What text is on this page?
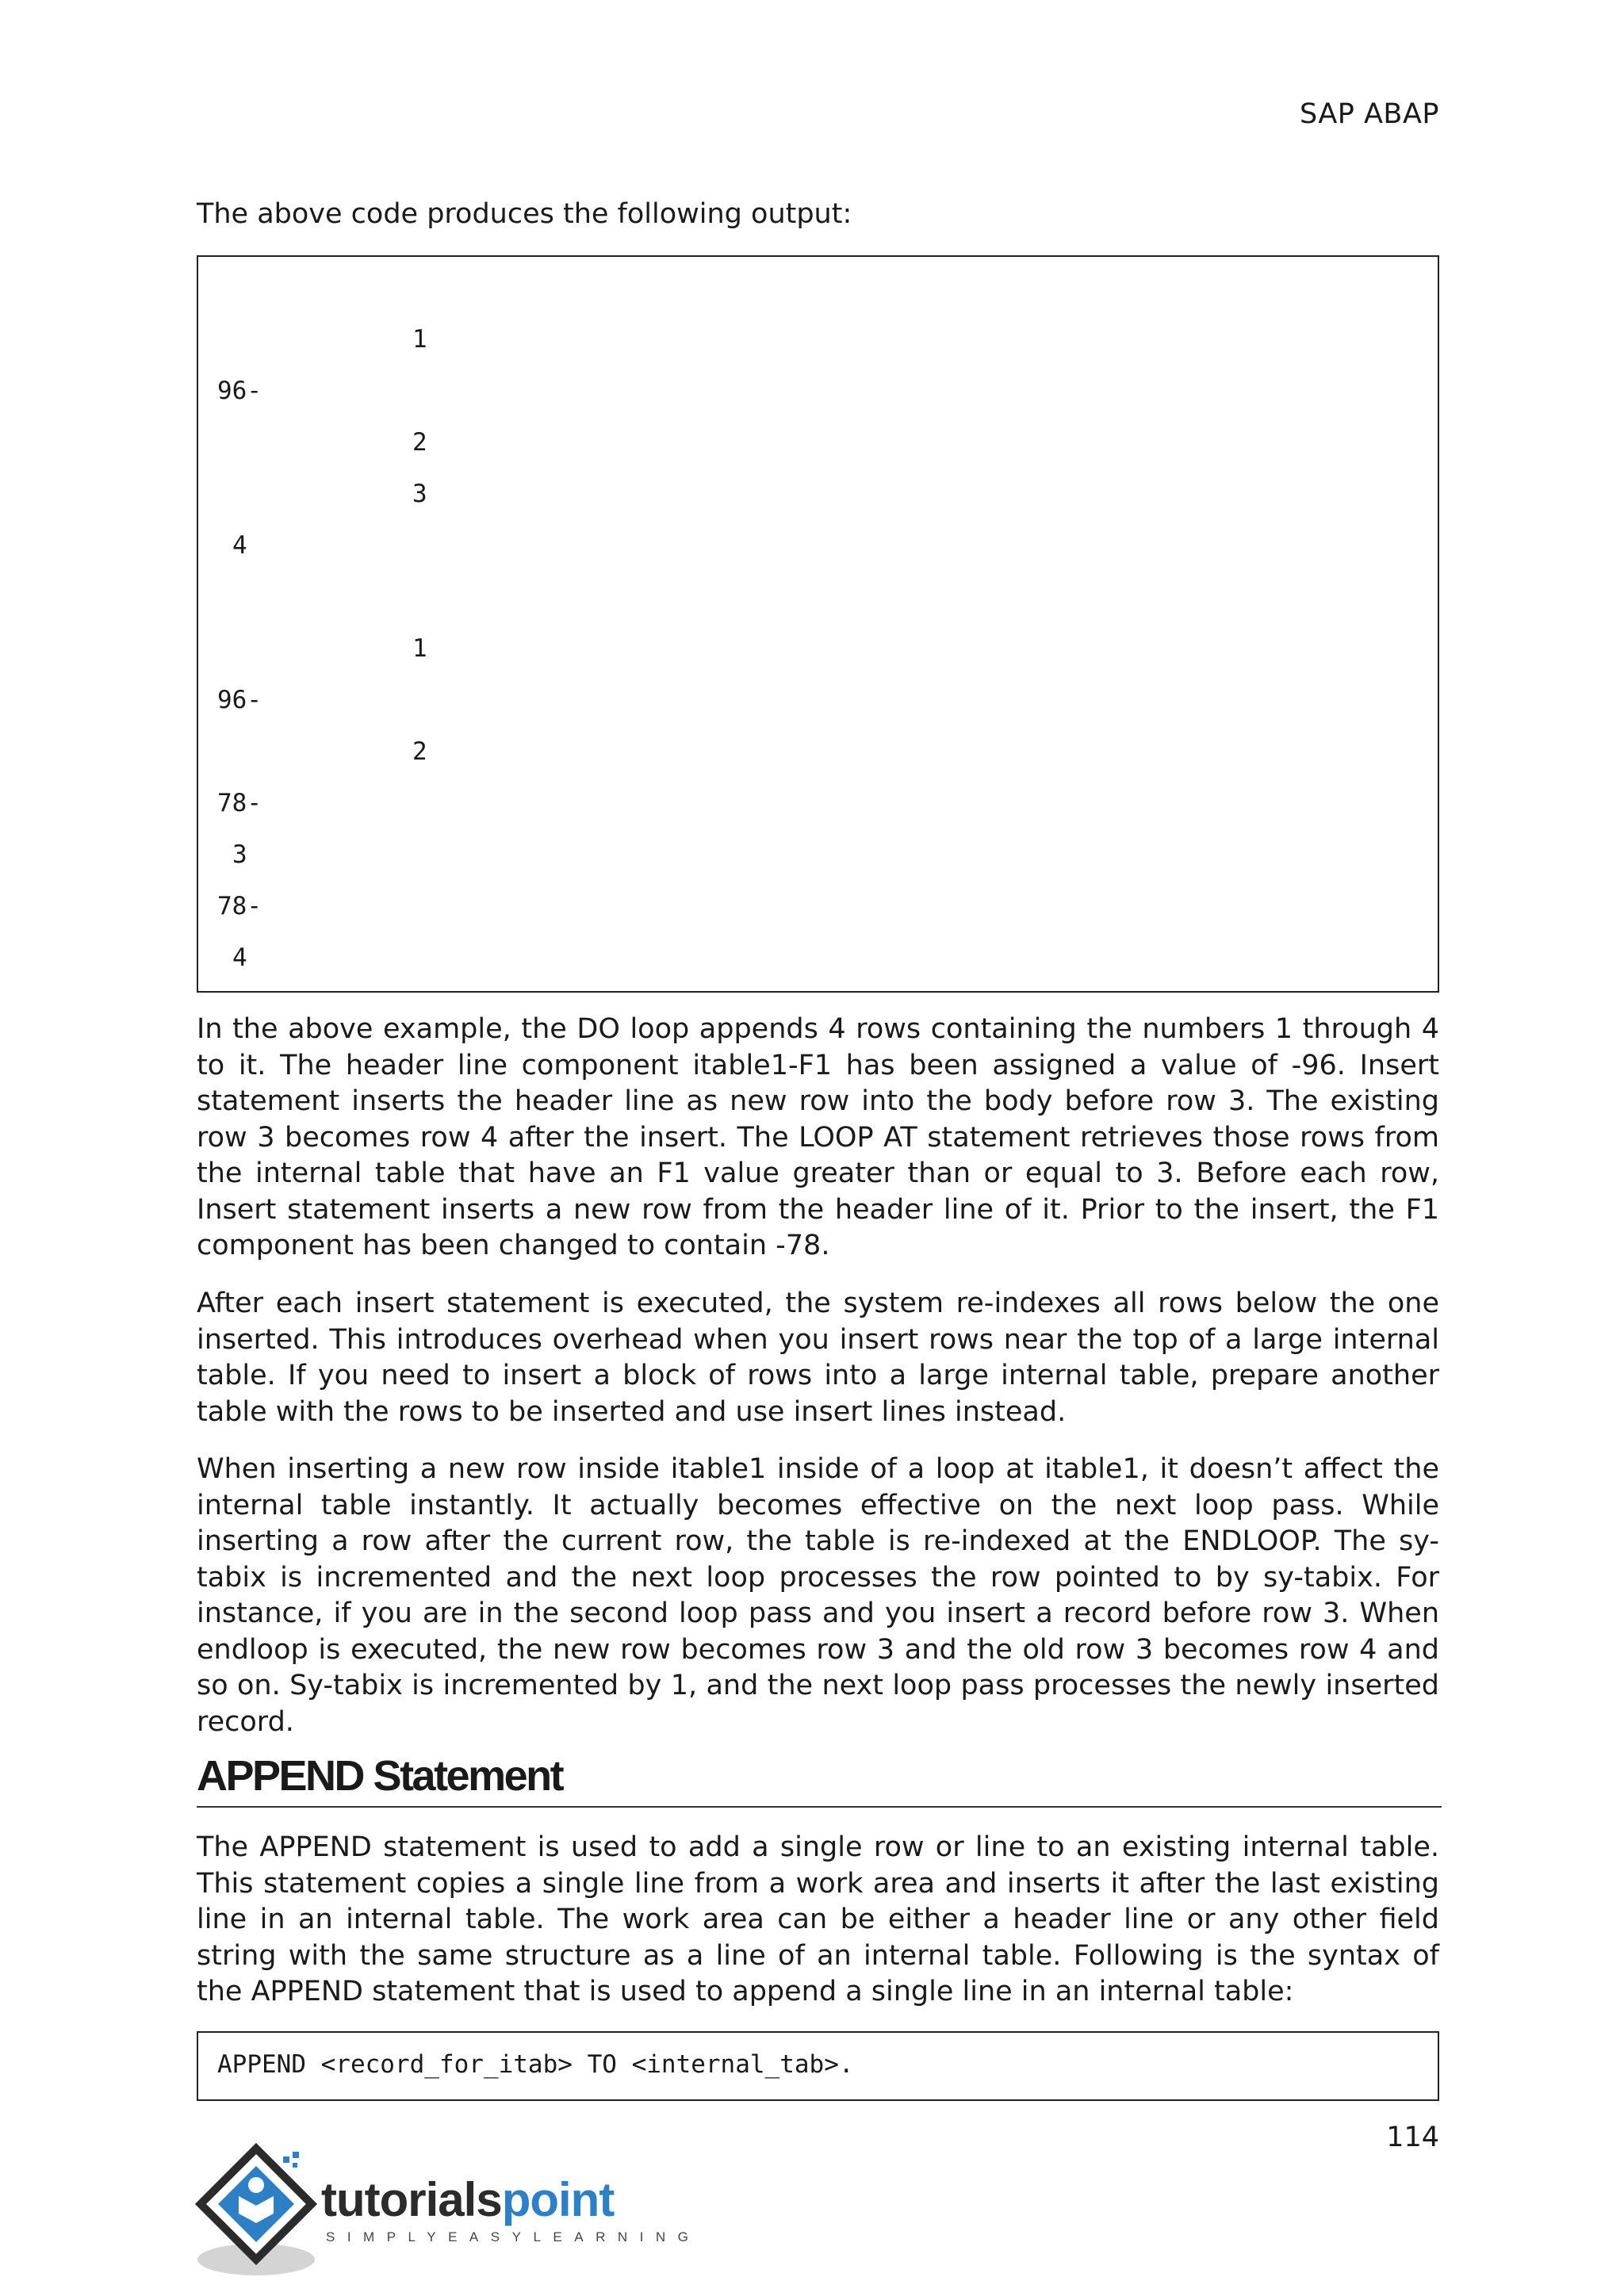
SAP ABAP

The above code produces the following output:

1
96-
2
3
4
1
96-
2
78-
3
78-
4

In the above example, the DO loop appends 4 rows containing the numbers 1 through 4 to it. The header line component itable1-F1 has been assigned a value of -96. Insert statement inserts the header line as new row into the body before row 3. The existing row 3 becomes row 4 after the insert. The LOOP AT statement retrieves those rows from the internal table that have an F1 value greater than or equal to 3. Before each row, Insert statement inserts a new row from the header line of it. Prior to the insert, the F1 component has been changed to contain -78.

After each insert statement is executed, the system re-indexes all rows below the one inserted. This introduces overhead when you insert rows near the top of a large internal table. If you need to insert a block of rows into a large internal table, prepare another table with the rows to be inserted and use insert lines instead.

When inserting a new row inside itable1 inside of a loop at itable1, it doesn’t affect the internal table instantly. It actually becomes effective on the next loop pass. While inserting a row after the current row, the table is re-indexed at the ENDLOOP. The sy-tabix is incremented and the next loop processes the row pointed to by sy-tabix. For instance, if you are in the second loop pass and you insert a record before row 3. When endloop is executed, the new row becomes row 3 and the old row 3 becomes row 4 and so on. Sy-tabix is incremented by 1, and the next loop pass processes the newly inserted record.

APPEND Statement

The APPEND statement is used to add a single row or line to an existing internal table. This statement copies a single line from a work area and inserts it after the last existing line in an internal table. The work area can be either a header line or any other field string with the same structure as a line of an internal table. Following is the syntax of the APPEND statement that is used to append a single line in an internal table:

APPEND <record_for_itab> TO <internal_tab>.
114
tutorialspoint
SIMPLYEASYLEARNING
